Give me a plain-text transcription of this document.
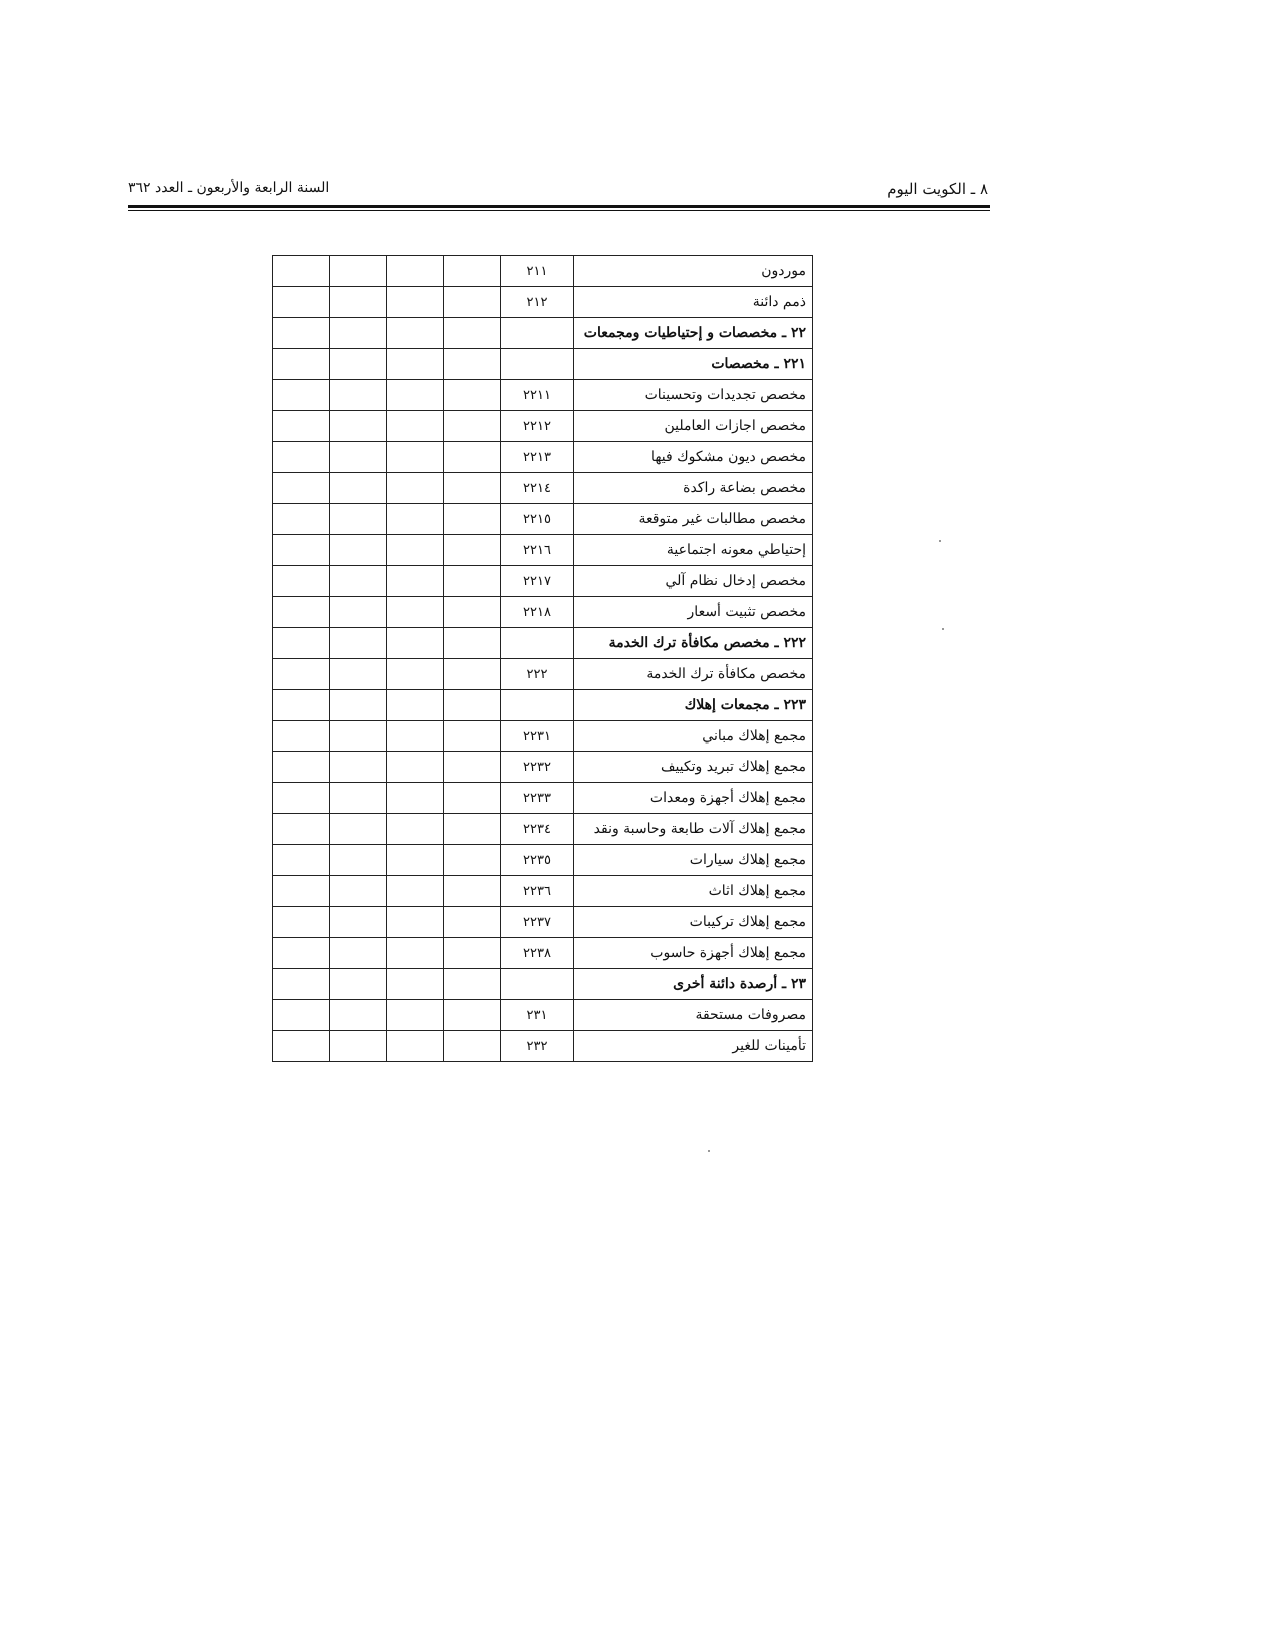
السنة الرابعة والأربعون ـ العدد ٣٦٢	٨ ـ الكويت اليوم
				٢١١	موردون
				٢١٢	ذمم دائنة
					٢٢ ـ مخصصات و إحتياطيات ومجمعات
					٢٢١ ـ مخصصات
				٢٢١١	مخصص تجديدات وتحسينات
				٢٢١٢	مخصص اجازات العاملين
				٢٢١٣	مخصص ديون مشكوك فيها
				٢٢١٤	مخصص بضاعة راكدة
				٢٢١٥	مخصص مطالبات غير متوقعة
				٢٢١٦	إحتياطي معونه اجتماعية
				٢٢١٧	مخصص إدخال نظام آلي
				٢٢١٨	مخصص تثبيت أسعار
					٢٢٢ ـ مخصص مكافأة ترك الخدمة
				٢٢٢	مخصص مكافأة ترك الخدمة
					٢٢٣ ـ مجمعات إهلاك
				٢٢٣١	مجمع إهلاك مباني
				٢٢٣٢	مجمع إهلاك تبريد وتكييف
				٢٢٣٣	مجمع إهلاك أجهزة ومعدات
				٢٢٣٤	مجمع إهلاك آلات طابعة وحاسبة ونقد
				٢٢٣٥	مجمع إهلاك سيارات
				٢٢٣٦	مجمع إهلاك اثاث
				٢٢٣٧	مجمع إهلاك تركيبات
				٢٢٣٨	مجمع إهلاك أجهزة حاسوب
					٢٣ ـ أرصدة دائنة أخرى
				٢٣١	مصروفات مستحقة
				٢٣٢	تأمينات للغير
